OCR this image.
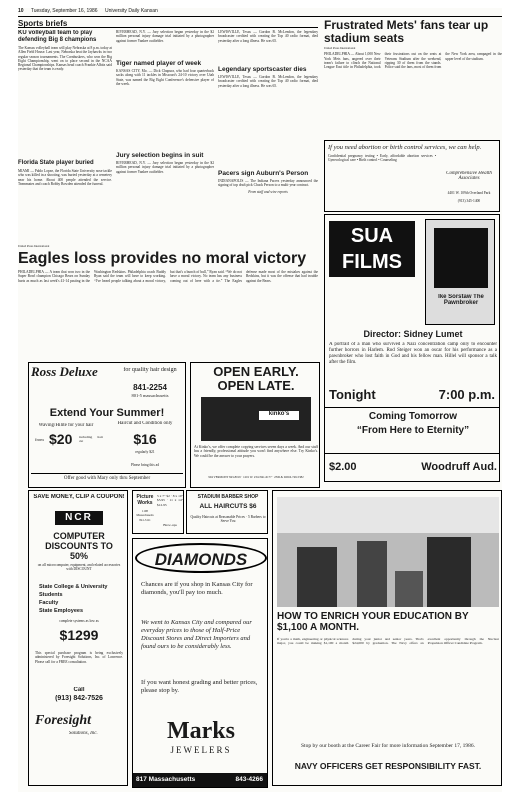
10 Tuesday, September 16, 1986 University Daily Kansan
Sports briefs
KU volleyball team to play defending Big 8 champions
The Kansas volleyball team will play Nebraska at 8 p.m. today at Allen Field House. Last year, Nebraska beat the Jayhawks in two regular season tournaments. The Cornhuskers, who won the Big Eight Championship, went on to place second in the NCAA Regional Championships. Kansas head coach Frankie Albitz said yesterday that the team is ready.
Florida State player buried
MIAMI — Pablo Lopez, the Florida State University nose tackle who was killed in a shooting, was buried yesterday at a cemetery near his home. About 400 people attended the service. Teammates and coach Bobby Bowden attended the funeral.
RIVERHEAD, N.Y. — Jury selection began yesterday in the $2 million personal injury damage trial initiated by a photographer against former Yankee outfielder.
Tiger named player of week
KANSAS CITY, Mo. — Dick Chapura, who had four quarterback sacks along with 11 tackles in Missouri's 24-10 victory over Utah State, was named the Big Eight Conference's defensive player of the week.
Jury selection begins in suit
RIVERHEAD, N.Y. — Jury selection began yesterday in the $2 million personal injury damage trial initiated by a photographer against former Yankee outfielder.
LEWISVILLE, Texas — Gordon B. McLendon, the legendary broadcaster credited with creating the Top 40 radio format, died yesterday after a long illness. He was 65.
Legendary sportscaster dies
LEWISVILLE, Texas — Gordon B. McLendon, the legendary broadcaster credited with creating the Top 40 radio format, died yesterday after a long illness. He was 65.
Pacers sign Auburn's Person
INDIANAPOLIS — The Indiana Pacers yesterday announced the signing of top draft pick Chuck Person to a multi-year contract.
From staff and wire reports
Frustrated Mets' fans tear up stadium seats
United Press International
PHILADELPHIA — About 1,000 New York Mets fans, angered over their team's failure to clinch the National League East title in Philadelphia, took their frustrations out on the seats at Veterans Stadium after the weekend, ripping 30 of them from the stands. Police said the fans, most of them from the New York area, rampaged in the upper level of the stadium.
If you need abortion or birth control services, we can help.
Confidential pregnancy testing • Early, affordable abortion services • Gynecological care • Birth control • Counseling
Comprehensive Health Associates
4401 W. 109th Overland Park
(913) 345-1400
United Press International
Eagles loss provides no moral victory
PHILADELPHIA — A team that won two in the Super Bowl champion Chicago Bears on Sunday hurts as much as last week's 41-14 pasting in the Washington Redskins. Philadelphia coach Buddy Ryan said the team will have to keep working. “I've heard people talking about a moral victory, but that's a bunch of bull,” Ryan said. “We do not have a moral victory. No team has any business coming out of here with a tie.” The Eagles defense made most of the mistakes against the Redskins, but it was the offense that had trouble against the Bears.
SUA FILMS
Ike Sorstaw The Pawnbroker
Director: Sidney Lumet
A portrait of a man who survived a Nazi concentration camp only to encounter further horrors in Harlem. Rod Steiger won an oscar for his performance as a pawnbroker who lost faith in God and his fellow man. Hillel will sponsor a talk after the film.
Tonight	7:00 p.m.
Coming Tomorrow
“From Here to Eternity”
$2.00	Woodruff Aud.
OPEN EARLY. OPEN LATE.
kinko's
At Kinko's, we offer complete copying services seven days a week. And our staff has a friendly, professional attitude you won't find anywhere else. Try Kinko's. We could be the answer to your prayers.
904 VERMONT 843-8019 · 1201 W. 23rd 841-6177 · 2ND & IOWA 749-5382
Ross Deluxe	for quality hair design
841-2254
801-5 massachusetts
Extend Your Summer!
Waving/Hilite for your hair
from $20	including hair cut
Haircut and Condition only
$16
regularly $21
Please bring this ad
Offer good with Mary only thru September
SAVE MONEY, CLIP A COUPON!
NCR
COMPUTER DISCOUNTS TO 50%
on all microcomputer, equipment, and related accessories with DISCOUNT
State College & University Students
Faculty
State Employees
complete systems as low as
$1299
This special purchase program is being exclusively administered by Foresight Solutions, Inc. of Lawrence. Please call for a FREE consultation.
Call
(913) 842-7526
Foresight
Solutions, Inc.
Picture Works
1108 Massachusetts 841-3111
5 x 7" $2 · 8 x 10" $5.95 · 11 x 14" $12.95
Blow-ups
STADIUM BARBER SHOP
ALL HAIRCUTS $6
Quality Haircuts at Reasonable Prices · 5 Barbers to Serve You
DIAMONDS
Chances are if you shop in Kansas City for diamonds, you'll pay too much.
We went to Kansas City and compared our everyday prices to those of Half-Price Discount Stores and Direct Importers and found ours to be considerably less.
If you want honest grading and better prices, please stop by.
Marks
JEWELERS
817 Massachusetts	843-4266
HOW TO ENRICH YOUR EDUCATION BY $1,100 A MONTH.
If you're a math, engineering or physical sciences major, you could be making $1,100 a month during your junior and senior years. That's $24,000 by graduation. The Navy offers an excellent opportunity through the Nuclear Propulsion Officer Candidate Program.
Stop by our booth at the Career Fair for more information September 17, 1986.
NAVY OFFICERS GET RESPONSIBILITY FAST.
